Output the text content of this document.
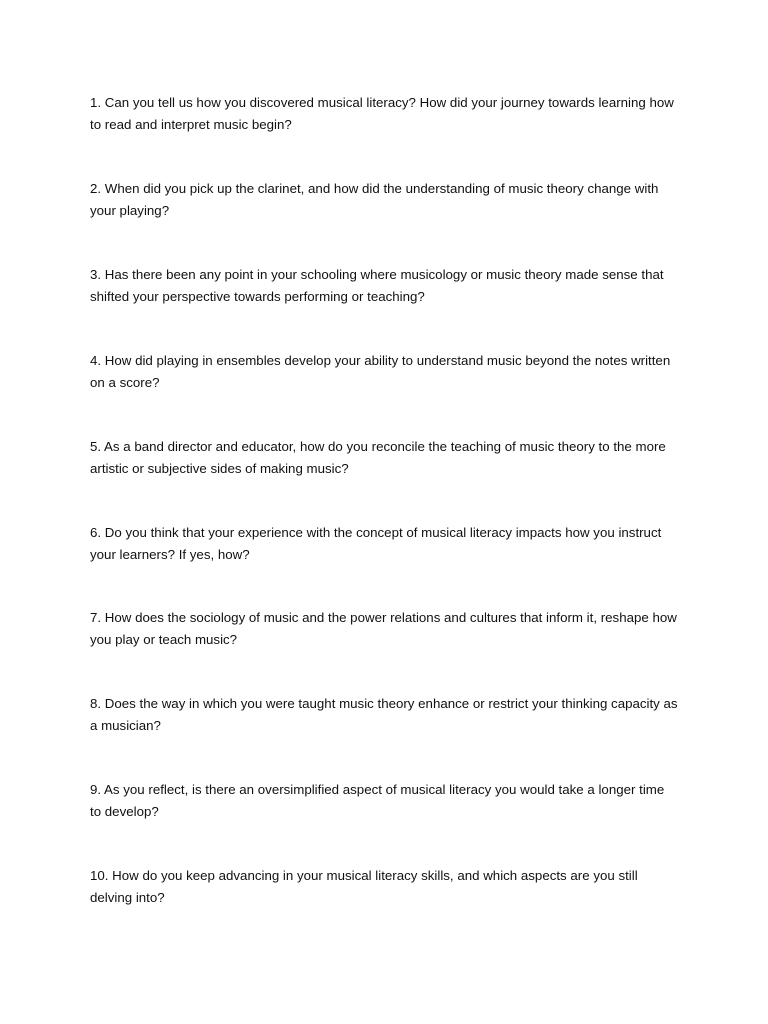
1. Can you tell us how you discovered musical literacy? How did your journey towards learning how to read and interpret music begin?

2. When did you pick up the clarinet, and how did the understanding of music theory change with your playing?

3. Has there been any point in your schooling where musicology or music theory made sense that shifted your perspective towards performing or teaching?

4. How did playing in ensembles develop your ability to understand music beyond the notes written on a score?

5. As a band director and educator, how do you reconcile the teaching of music theory to the more artistic or subjective sides of making music?

6. Do you think that your experience with the concept of musical literacy impacts how you instruct your learners? If yes, how?

7. How does the sociology of music and the power relations and cultures that inform it, reshape how you play or teach music?

8. Does the way in which you were taught music theory enhance or restrict your thinking capacity as a musician?

9. As you reflect, is there an oversimplified aspect of musical literacy you would take a longer time to develop?

10. How do you keep advancing in your musical literacy skills, and which aspects are you still delving into?
